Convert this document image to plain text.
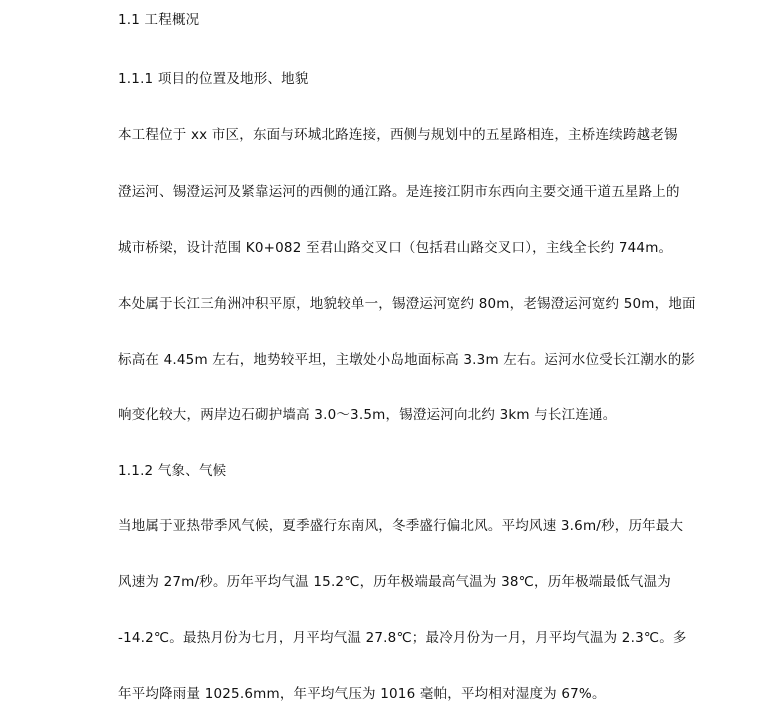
1.1 工程概况
1.1.1 项目的位置及地形、地貌
本工程位于 xx 市区，东面与环城北路连接，西侧与规划中的五星路相连，主桥连续跨越老锡
澄运河、锡澄运河及紧靠运河的西侧的通江路。是连接江阴市东西向主要交通干道五星路上的
城市桥梁，设计范围 K0+082 至君山路交叉口（包括君山路交叉口），主线全长约 744m。
本处属于长江三角洲冲积平原，地貌较单一，锡澄运河宽约 80m，老锡澄运河宽约 50m，地面
标高在 4.45m 左右，地势较平坦，主墩处小岛地面标高 3.3m 左右。运河水位受长江潮水的影
响变化较大，两岸边石砌护墙高 3.0～3.5m，锡澄运河向北约 3km 与长江连通。
1.1.2 气象、气候
当地属于亚热带季风气候，夏季盛行东南风，冬季盛行偏北风。平均风速 3.6m/秒，历年最大
风速为 27m/秒。历年平均气温 15.2℃，历年极端最高气温为 38℃，历年极端最低气温为
-14.2℃。最热月份为七月，月平均气温 27.8℃；最冷月份为一月，月平均气温为 2.3℃。多
年平均降雨量 1025.6mm，年平均气压为 1016 毫帕，平均相对湿度为 67%。
